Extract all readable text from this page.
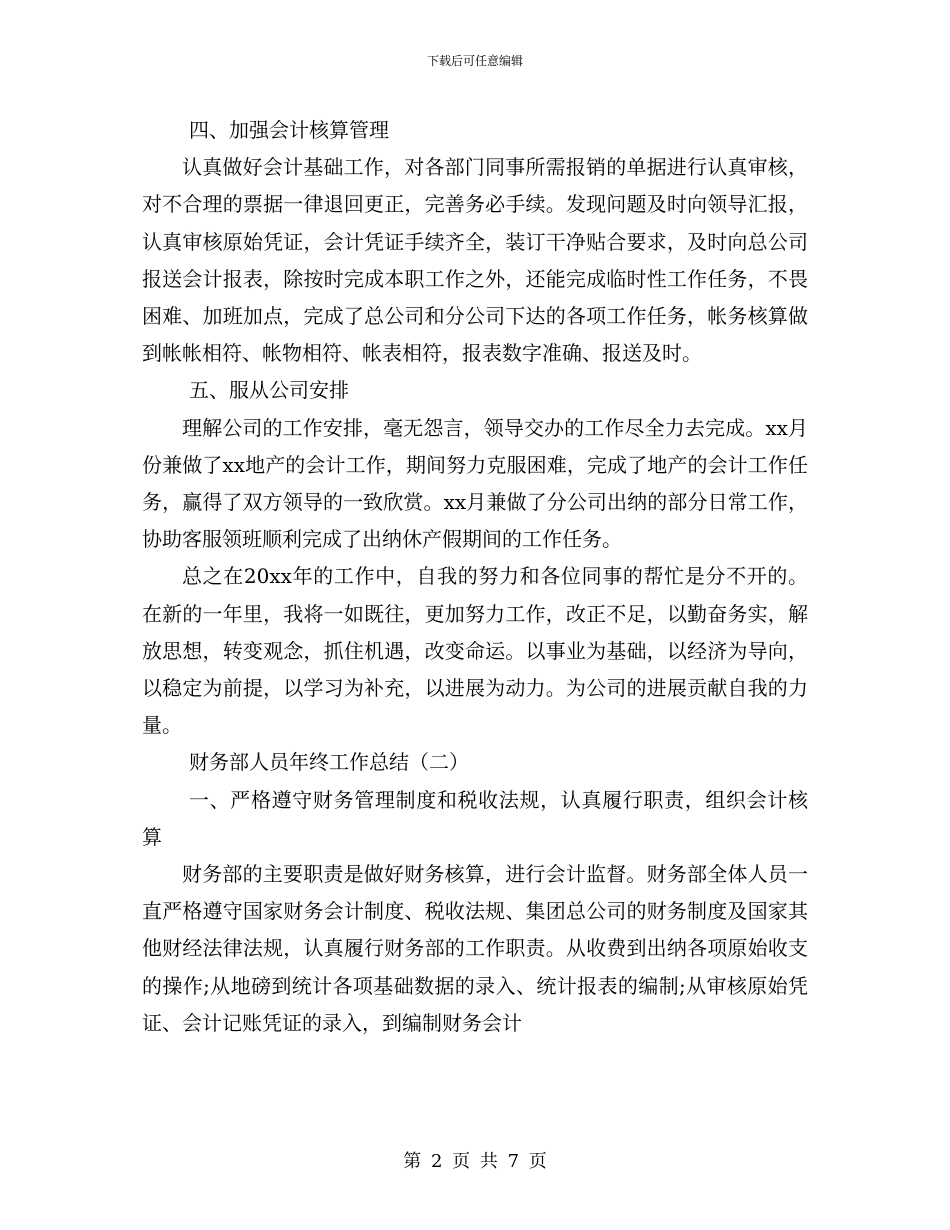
下载后可任意编辑

四、加强会计核算管理

认真做好会计基础工作，对各部门同事所需报销的单据进行认真审核，对不合理的票据一律退回更正，完善务必手续。发现问题及时向领导汇报，认真审核原始凭证，会计凭证手续齐全，装订干净贴合要求，及时向总公司报送会计报表，除按时完成本职工作之外，还能完成临时性工作任务，不畏困难、加班加点，完成了总公司和分公司下达的各项工作任务，帐务核算做到帐帐相符、帐物相符、帐表相符，报表数字准确、报送及时。

五、服从公司安排

理解公司的工作安排，毫无怨言，领导交办的工作尽全力去完成。xx月份兼做了xx地产的会计工作，期间努力克服困难，完成了地产的会计工作任务，赢得了双方领导的一致欣赏。xx月兼做了分公司出纳的部分日常工作，协助客服领班顺利完成了出纳休产假期间的工作任务。

总之在20xx年的工作中，自我的努力和各位同事的帮忙是分不开的。在新的一年里，我将一如既往，更加努力工作，改正不足，以勤奋务实，解放思想，转变观念，抓住机遇，改变命运。以事业为基础，以经济为导向，以稳定为前提，以学习为补充，以进展为动力。为公司的进展贡献自我的力量。

财务部人员年终工作总结（二）

一、严格遵守财务管理制度和税收法规，认真履行职责，组织会计核算

财务部的主要职责是做好财务核算，进行会计监督。财务部全体人员一直严格遵守国家财务会计制度、税收法规、集团总公司的财务制度及国家其他财经法律法规，认真履行财务部的工作职责。从收费到出纳各项原始收支的操作;从地磅到统计各项基础数据的录入、统计报表的编制;从审核原始凭证、会计记账凭证的录入，到编制财务会计

第 2 页 共 7 页
